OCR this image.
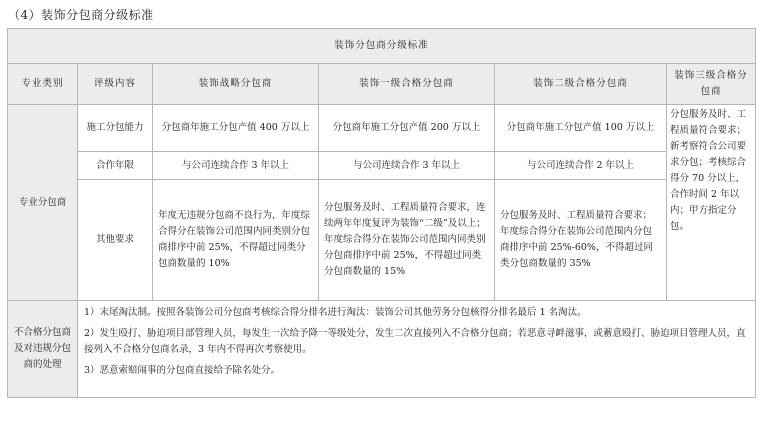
（4）装饰分包商分级标准
装饰分包商分级标准					
专业类别	评级内容	装饰战略分包商	装饰一级合格分包商	装饰二级合格分包商	装饰三级合格分包商
专业分包商	施工分包能力	分包商年施工分包产值 400 万以上	分包商年施工分包产值 200 万以上	分包商年施工分包产值 100 万以上	分包服务及时、工程质量符合要求；新考察符合公司要求分包；考核综合得分 70 分以上，合作时间 2 年以内；甲方指定分包。
	合作年限	与公司连续合作 3 年以上	与公司连续合作 3 年以上	与公司连续合作 2 年以上	
	其他要求	年度无违规分包商不良行为，年度综合得分在装饰公司范围内同类别分包商排序中前 25%，不得超过同类分包商数量的 10%	分包服务及时、工程质量符合要求，连续两年年度复评为装饰“二级”及以上；年度综合得分在装饰公司范围内同类别分包商排序中前 25%，不得超过同类分包商数量的 15%	分包服务及时、工程质量符合要求；年度综合得分在装饰公司范围内分包商排序中前 25%-60%，不得超过同类分包商数量的 35%	
不合格分包商及对违规分包商的处理	1）末尾淘汰制。按照各装饰公司分包商考核综合得分排名进行淘汰：装饰公司其他劳务分包核得分排名最后 1 名淘汰。
2）发生殴打、胁迫项目部管理人员，每发生一次给予降一等级处分，发生二次直接列入不合格分包商；若恶意寻衅滋事，或蓄意殴打、胁迫项目管理人员，直接列入不合格分包商名录，3 年内不得再次考察使用。
3）恶意索赔闹事的分包商直接给予除名处分。				
